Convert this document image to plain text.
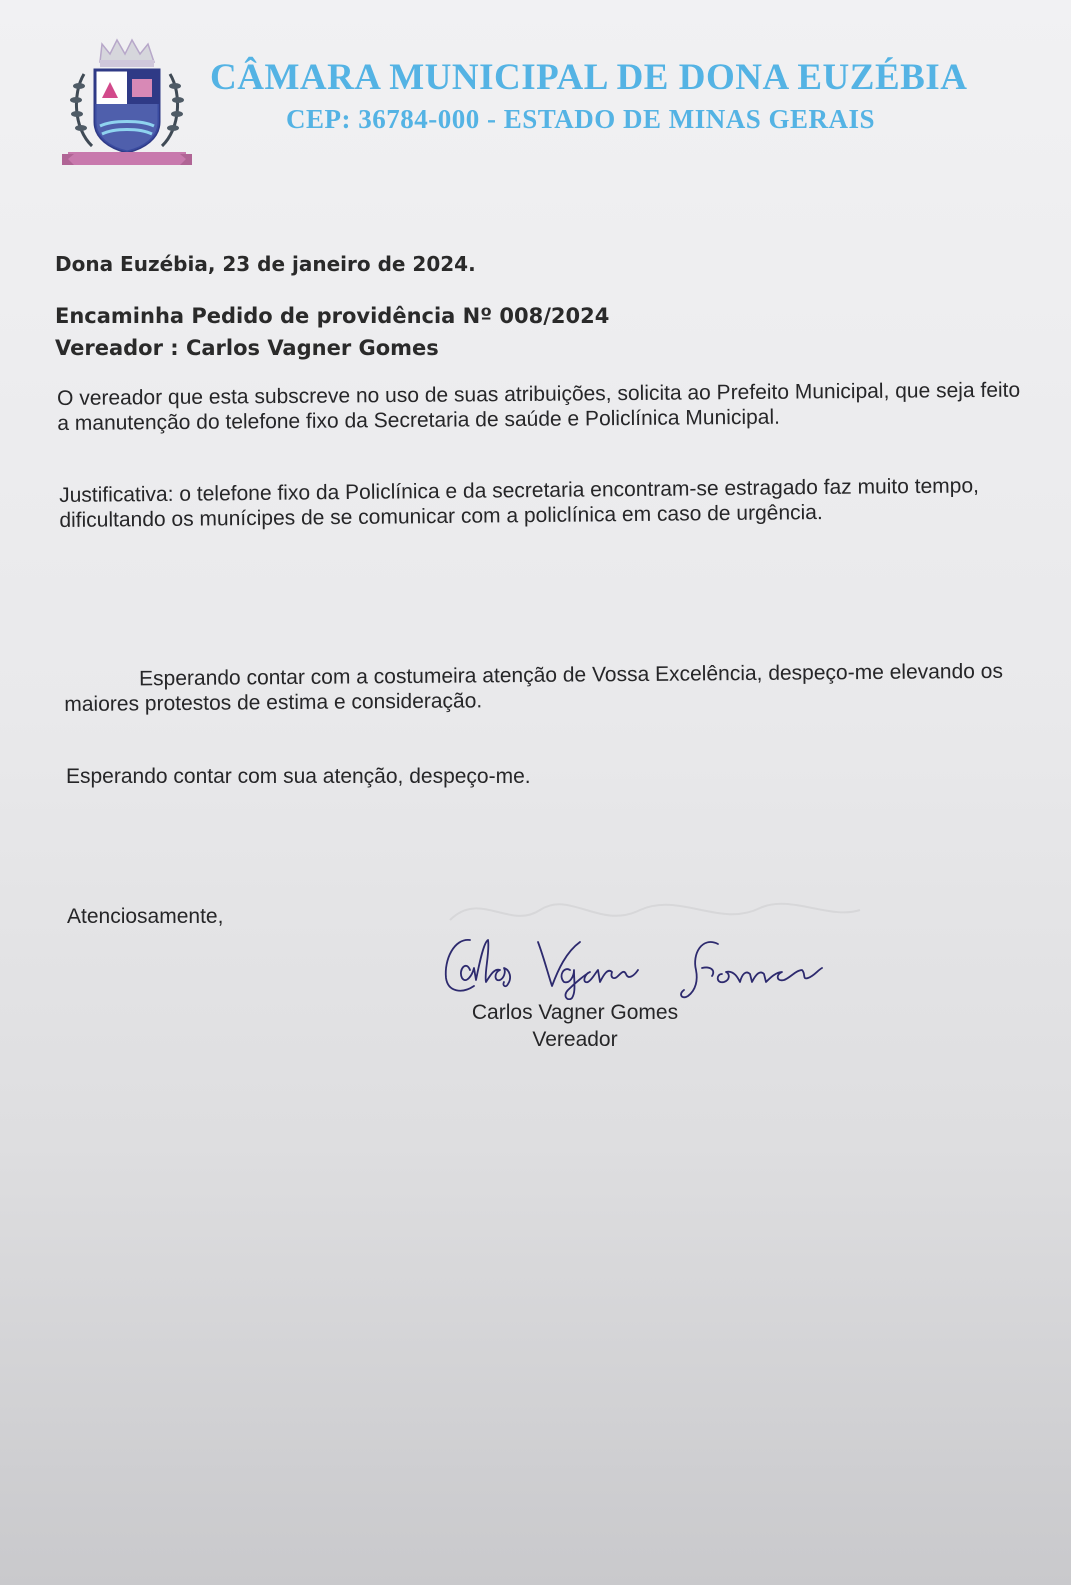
CÂMARA MUNICIPAL DE DONA EUZÉBIA
CEP: 36784-000 - ESTADO DE MINAS GERAIS
Dona Euzébia, 23 de janeiro de 2024.
Encaminha Pedido de providência Nº 008/2024
Vereador : Carlos Vagner Gomes
O vereador que esta subscreve no uso de suas atribuições, solicita ao Prefeito Municipal, que seja feito a manutenção do telefone fixo da Secretaria de saúde e Policlínica Municipal.
Justificativa: o telefone fixo da Policlínica e da secretaria encontram-se estragado faz muito tempo, dificultando os munícipes de se comunicar com a policlínica em caso de urgência.
Esperando contar com a costumeira atenção de Vossa Excelência, despeço-me elevando os maiores protestos de estima e consideração.
Esperando contar com sua atenção, despeço-me.
Atenciosamente,
Carlos Vagner Gomes
Vereador
